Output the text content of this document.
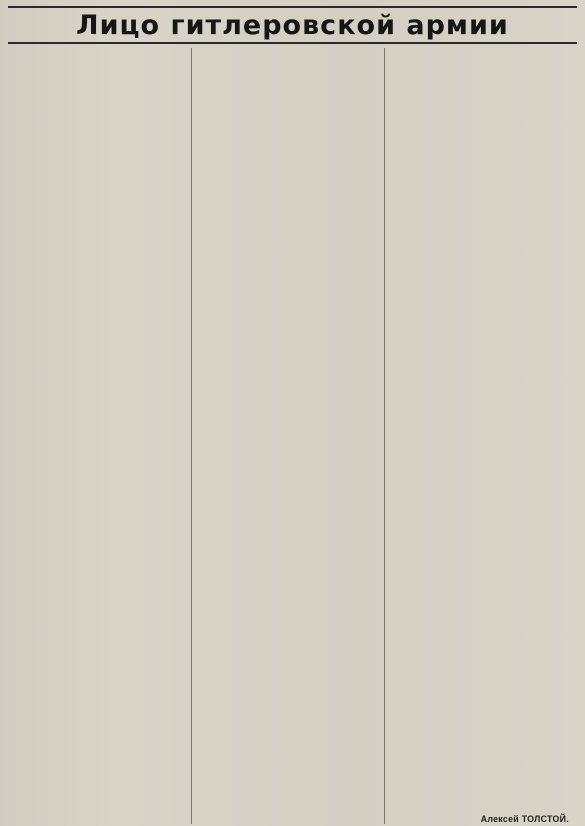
Лицо гитлеровской армии
Алексей ТОЛСТОЙ.
